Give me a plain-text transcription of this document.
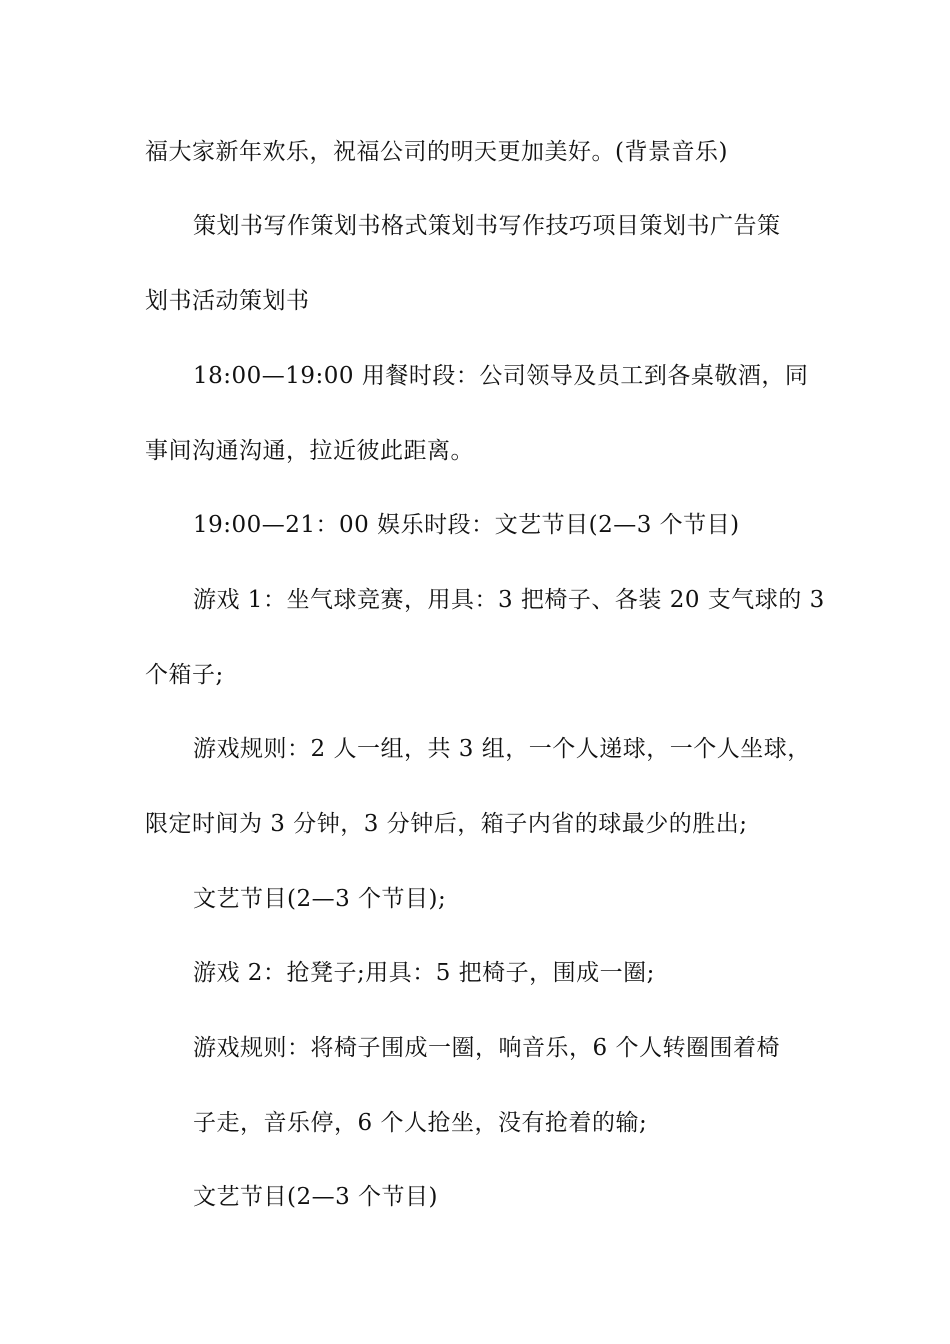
福大家新年欢乐，祝福公司的明天更加美好。(背景音乐)
策划书写作策划书格式策划书写作技巧项目策划书广告策
划书活动策划书
18:00—19:00 用餐时段：公司领导及员工到各桌敬酒，同
事间沟通沟通，拉近彼此距离。
19:00—21：00 娱乐时段：文艺节目(2—3 个节目)
游戏 1：坐气球竞赛，用具：3 把椅子、各装 20 支气球的 3
个箱子;
游戏规则：2 人一组，共 3 组，一个人递球，一个人坐球，
限定时间为 3 分钟，3 分钟后，箱子内省的球最少的胜出;
文艺节目(2—3 个节目);
游戏 2：抢凳子;用具：5 把椅子，围成一圈;
游戏规则：将椅子围成一圈，响音乐，6 个人转圈围着椅
子走，音乐停，6 个人抢坐，没有抢着的输;
文艺节目(2—3 个节目)
